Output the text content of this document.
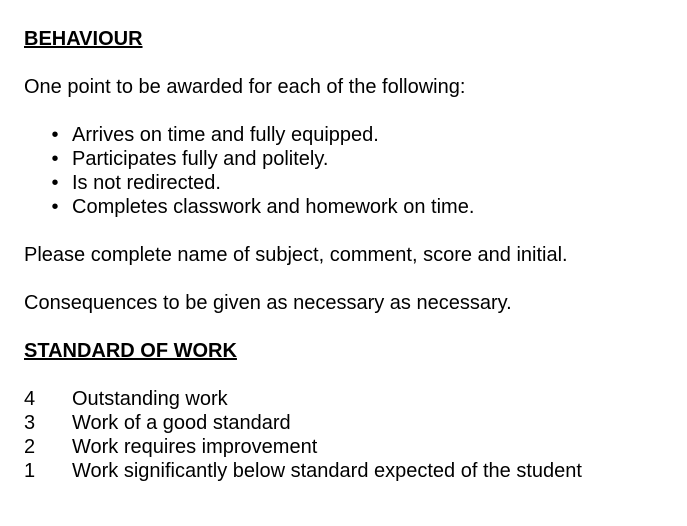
BEHAVIOUR

One point to be awarded for each of the following:

• Arrives on time and fully equipped.
• Participates fully and politely.
• Is not redirected.
• Completes classwork and homework on time.

Please complete name of subject, comment, score and initial.

Consequences to be given as necessary as necessary.

STANDARD OF WORK

4	Outstanding work
3	Work of a good standard
2	Work requires improvement
1	Work significantly below standard expected of the student
